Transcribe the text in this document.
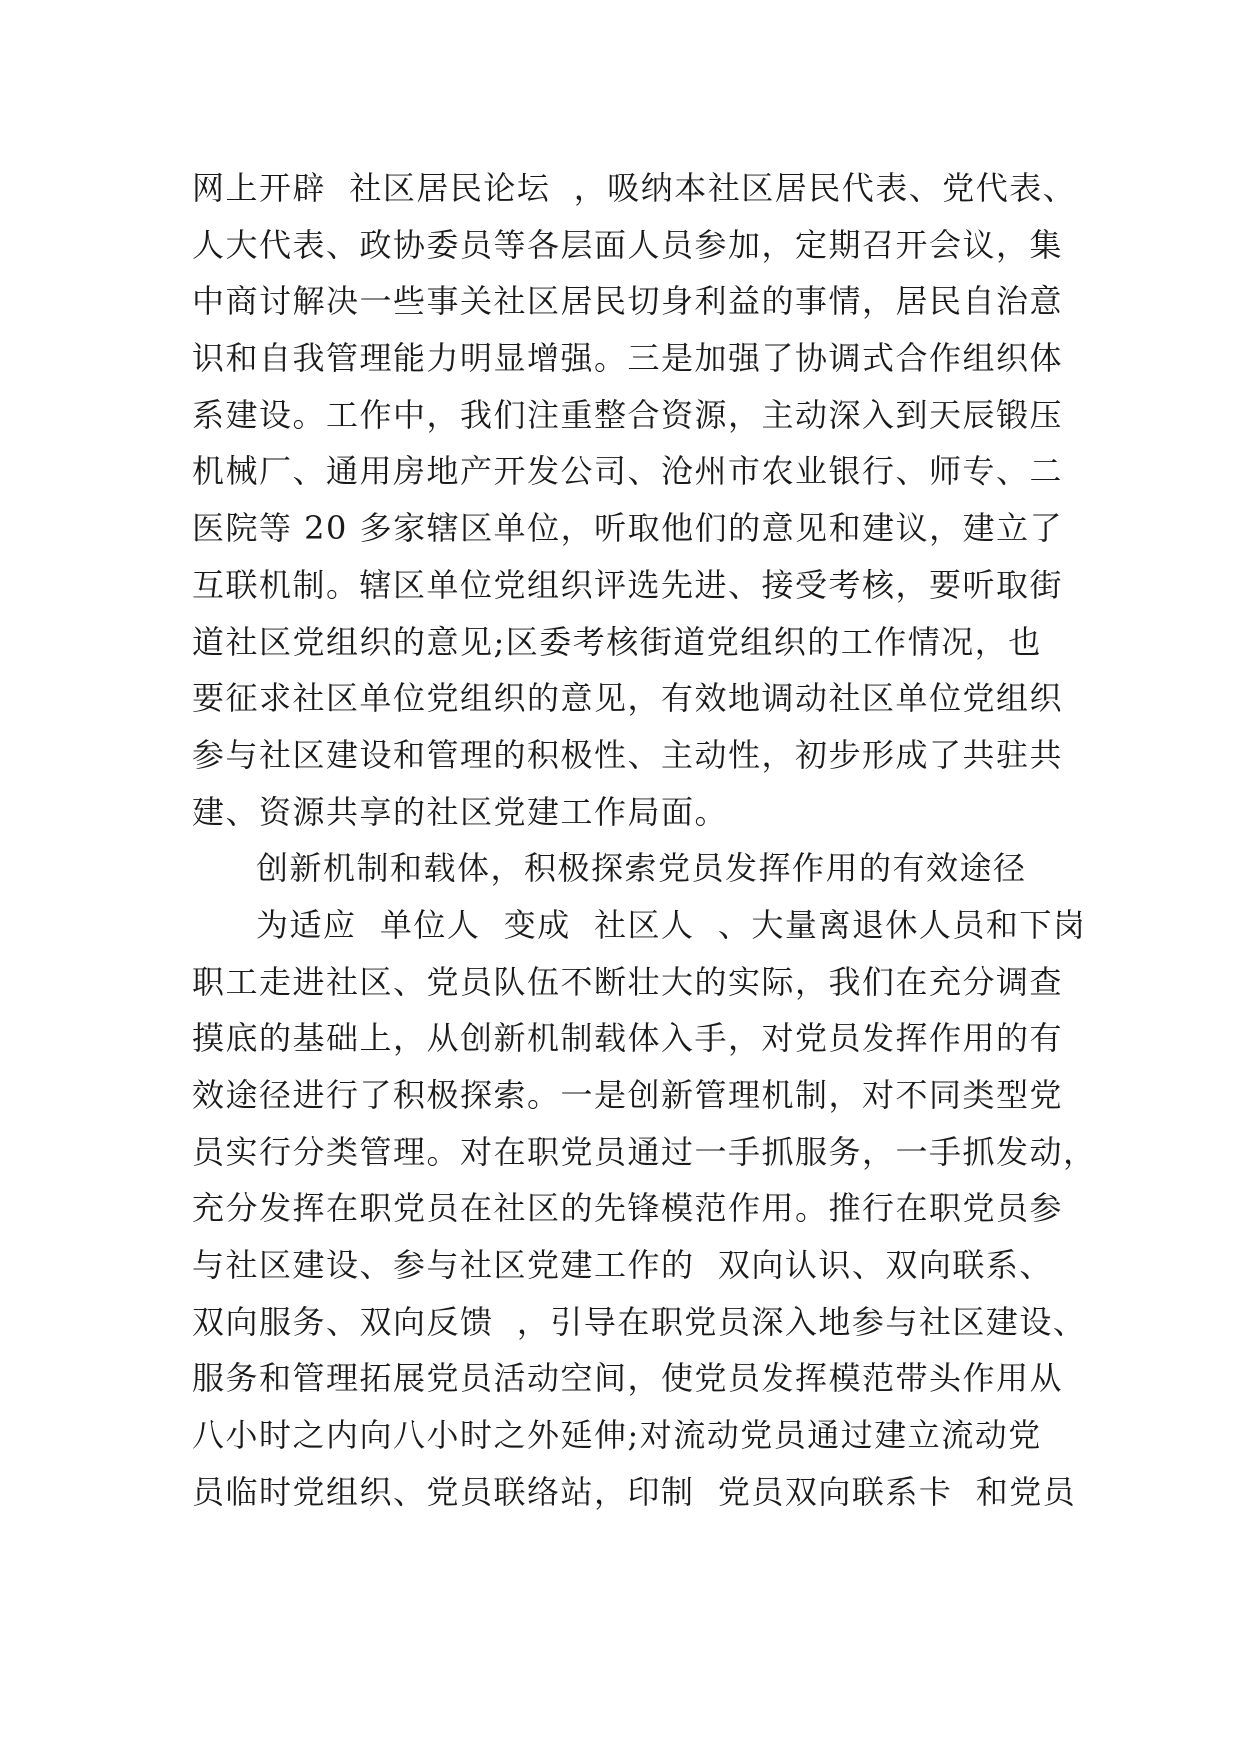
网上开辟  社区居民论坛  ，吸纳本社区居民代表、党代表、
人大代表、政协委员等各层面人员参加，定期召开会议，集
中商讨解决一些事关社区居民切身利益的事情，居民自治意
识和自我管理能力明显增强。三是加强了协调式合作组织体
系建设。工作中，我们注重整合资源，主动深入到天辰锻压
机械厂、通用房地产开发公司、沧州市农业银行、师专、二
医院等 20 多家辖区单位，听取他们的意见和建议，建立了
互联机制。辖区单位党组织评选先进、接受考核，要听取街
道社区党组织的意见;区委考核街道党组织的工作情况，也
要征求社区单位党组织的意见，有效地调动社区单位党组织
参与社区建设和管理的积极性、主动性，初步形成了共驻共
建、资源共享的社区党建工作局面。
创新机制和载体，积极探索党员发挥作用的有效途径
为适应  单位人  变成  社区人  、大量离退休人员和下岗
职工走进社区、党员队伍不断壮大的实际，我们在充分调查
摸底的基础上，从创新机制载体入手，对党员发挥作用的有
效途径进行了积极探索。一是创新管理机制，对不同类型党
员实行分类管理。对在职党员通过一手抓服务，一手抓发动，
充分发挥在职党员在社区的先锋模范作用。推行在职党员参
与社区建设、参与社区党建工作的  双向认识、双向联系、
双向服务、双向反馈  ，引导在职党员深入地参与社区建设、
服务和管理拓展党员活动空间，使党员发挥模范带头作用从
八小时之内向八小时之外延伸;对流动党员通过建立流动党
员临时党组织、党员联络站，印制  党员双向联系卡  和党员
